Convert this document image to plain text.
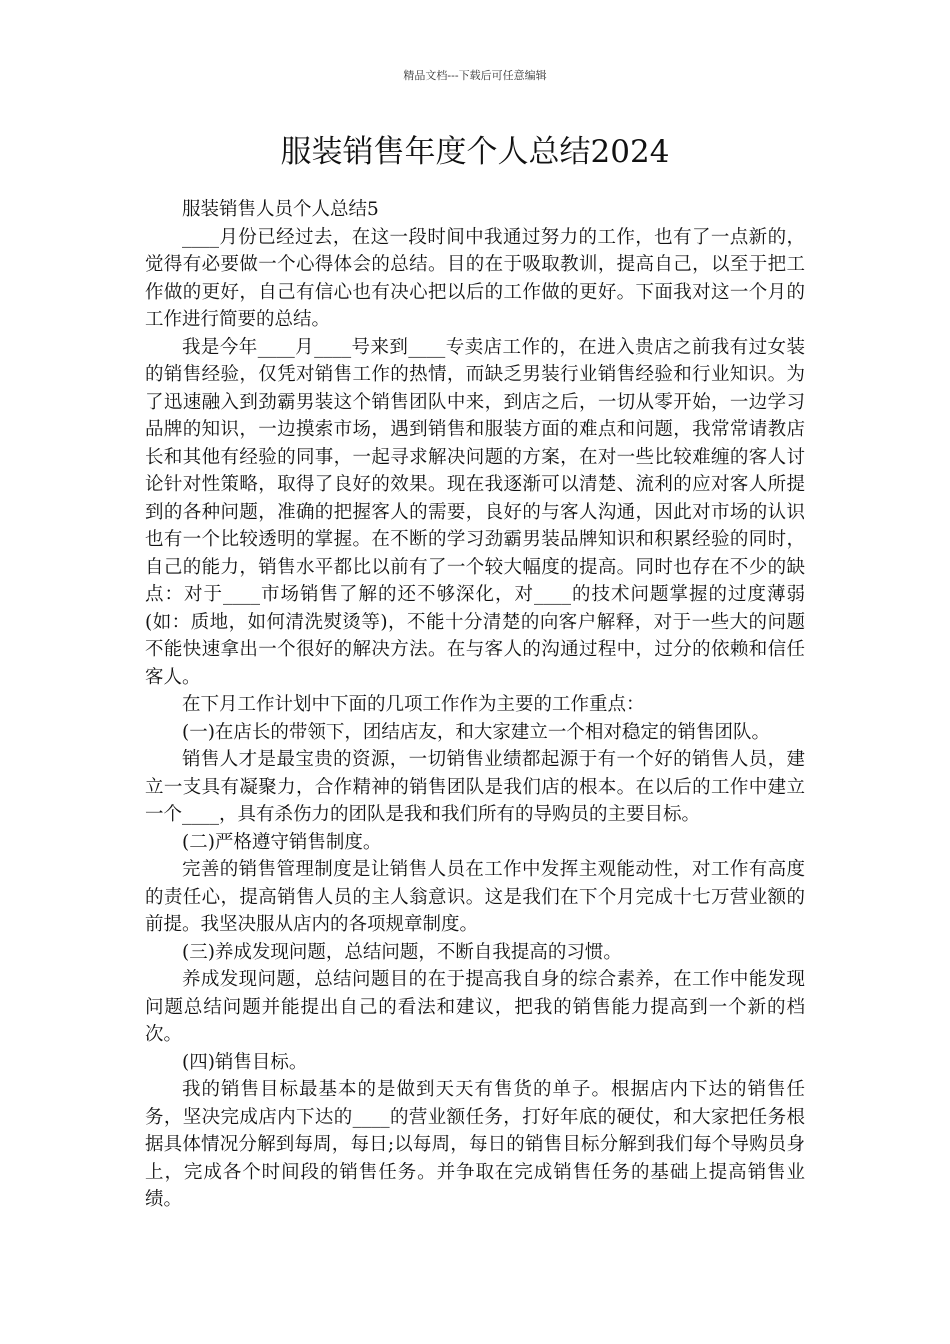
精品文档---下载后可任意编辑
服装销售年度个人总结2024

服装销售人员个人总结5

____月份已经过去，在这一段时间中我通过努力的工作，也有了一点新的，觉得有必要做一个心得体会的总结。目的在于吸取教训，提高自己，以至于把工作做的更好，自己有信心也有决心把以后的工作做的更好。下面我对这一个月的工作进行简要的总结。

我是今年____月____号来到____专卖店工作的，在进入贵店之前我有过女装的销售经验，仅凭对销售工作的热情，而缺乏男装行业销售经验和行业知识。为了迅速融入到劲霸男装这个销售团队中来，到店之后，一切从零开始，一边学习品牌的知识，一边摸索市场，遇到销售和服装方面的难点和问题，我常常请教店长和其他有经验的同事，一起寻求解决问题的方案，在对一些比较难缠的客人讨论针对性策略，取得了良好的效果。现在我逐渐可以清楚、流利的应对客人所提到的各种问题，准确的把握客人的需要，良好的与客人沟通，因此对市场的认识也有一个比较透明的掌握。在不断的学习劲霸男装品牌知识和积累经验的同时，自己的能力，销售水平都比以前有了一个较大幅度的提高。同时也存在不少的缺点：对于____市场销售了解的还不够深化，对____的技术问题掌握的过度薄弱(如：质地，如何清洗熨烫等)，不能十分清楚的向客户解释，对于一些大的问题不能快速拿出一个很好的解决方法。在与客人的沟通过程中，过分的依赖和信任客人。

在下月工作计划中下面的几项工作作为主要的工作重点：

(一)在店长的带领下，团结店友，和大家建立一个相对稳定的销售团队。

销售人才是最宝贵的资源，一切销售业绩都起源于有一个好的销售人员，建立一支具有凝聚力，合作精神的销售团队是我们店的根本。在以后的工作中建立一个____，具有杀伤力的团队是我和我们所有的导购员的主要目标。

(二)严格遵守销售制度。

完善的销售管理制度是让销售人员在工作中发挥主观能动性，对工作有高度的责任心，提高销售人员的主人翁意识。这是我们在下个月完成十七万营业额的前提。我坚决服从店内的各项规章制度。

(三)养成发现问题，总结问题，不断自我提高的习惯。

养成发现问题，总结问题目的在于提高我自身的综合素养，在工作中能发现问题总结问题并能提出自己的看法和建议，把我的销售能力提高到一个新的档次。

(四)销售目标。

我的销售目标最基本的是做到天天有售货的单子。根据店内下达的销售任务，坚决完成店内下达的____的营业额任务，打好年底的硬仗，和大家把任务根据具体情况分解到每周，每日;以每周，每日的销售目标分解到我们每个导购员身上，完成各个时间段的销售任务。并争取在完成销售任务的基础上提高销售业绩。
